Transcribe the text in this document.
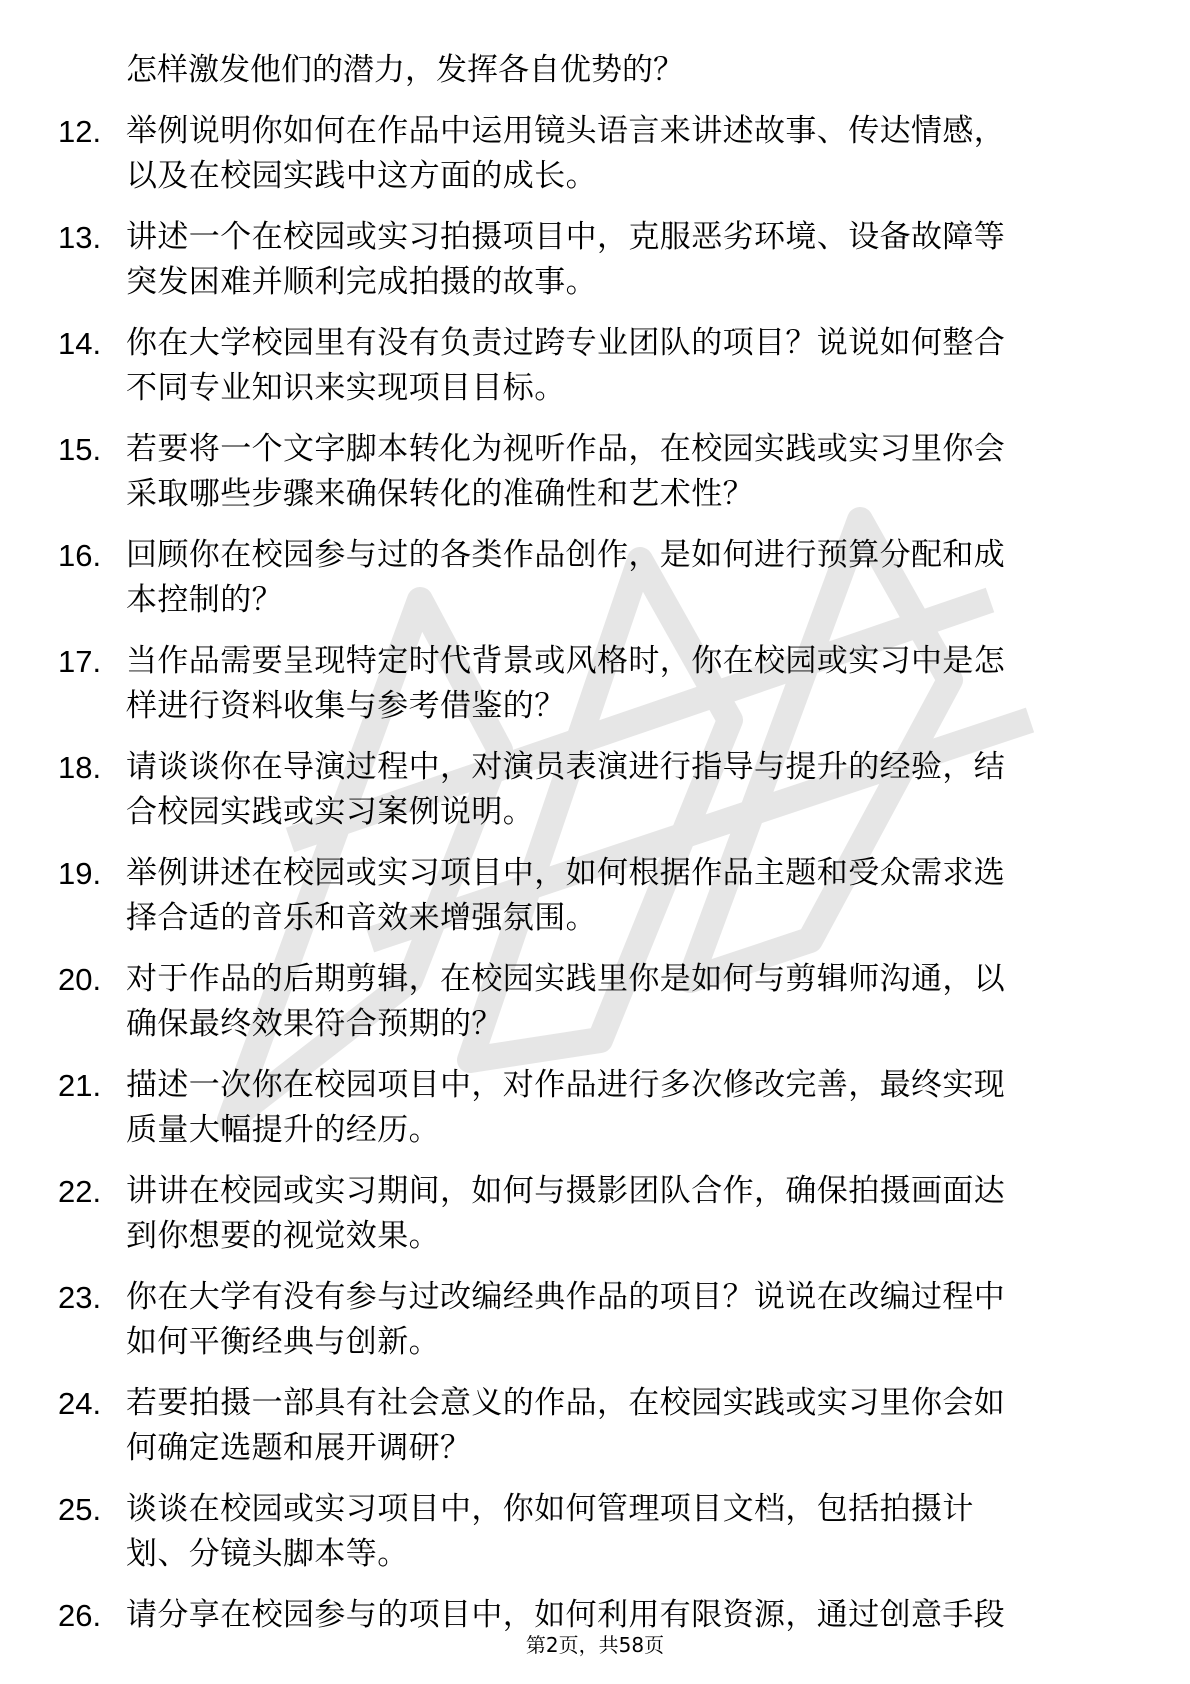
怎样激发他们的潜力，发挥各自优势的？
12. 举例说明你如何在作品中运用镜头语言来讲述故事、传达情感，
以及在校园实践中这方面的成长。
13. 讲述一个在校园或实习拍摄项目中，克服恶劣环境、设备故障等
突发困难并顺利完成拍摄的故事。
14. 你在大学校园里有没有负责过跨专业团队的项目？说说如何整合
不同专业知识来实现项目目标。
15. 若要将一个文字脚本转化为视听作品，在校园实践或实习里你会
采取哪些步骤来确保转化的准确性和艺术性？
16. 回顾你在校园参与过的各类作品创作，是如何进行预算分配和成
本控制的？
17. 当作品需要呈现特定时代背景或风格时，你在校园或实习中是怎
样进行资料收集与参考借鉴的？
18. 请谈谈你在导演过程中，对演员表演进行指导与提升的经验，结
合校园实践或实习案例说明。
19. 举例讲述在校园或实习项目中，如何根据作品主题和受众需求选
择合适的音乐和音效来增强氛围。
20. 对于作品的后期剪辑，在校园实践里你是如何与剪辑师沟通，以
确保最终效果符合预期的？
21. 描述一次你在校园项目中，对作品进行多次修改完善，最终实现
质量大幅提升的经历。
22. 讲讲在校园或实习期间，如何与摄影团队合作，确保拍摄画面达
到你想要的视觉效果。
23. 你在大学有没有参与过改编经典作品的项目？说说在改编过程中
如何平衡经典与创新。
24. 若要拍摄一部具有社会意义的作品，在校园实践或实习里你会如
何确定选题和展开调研？
25. 谈谈在校园或实习项目中，你如何管理项目文档，包括拍摄计
划、分镜头脚本等。
26. 请分享在校园参与的项目中，如何利用有限资源，通过创意手段
第2页，共58页
